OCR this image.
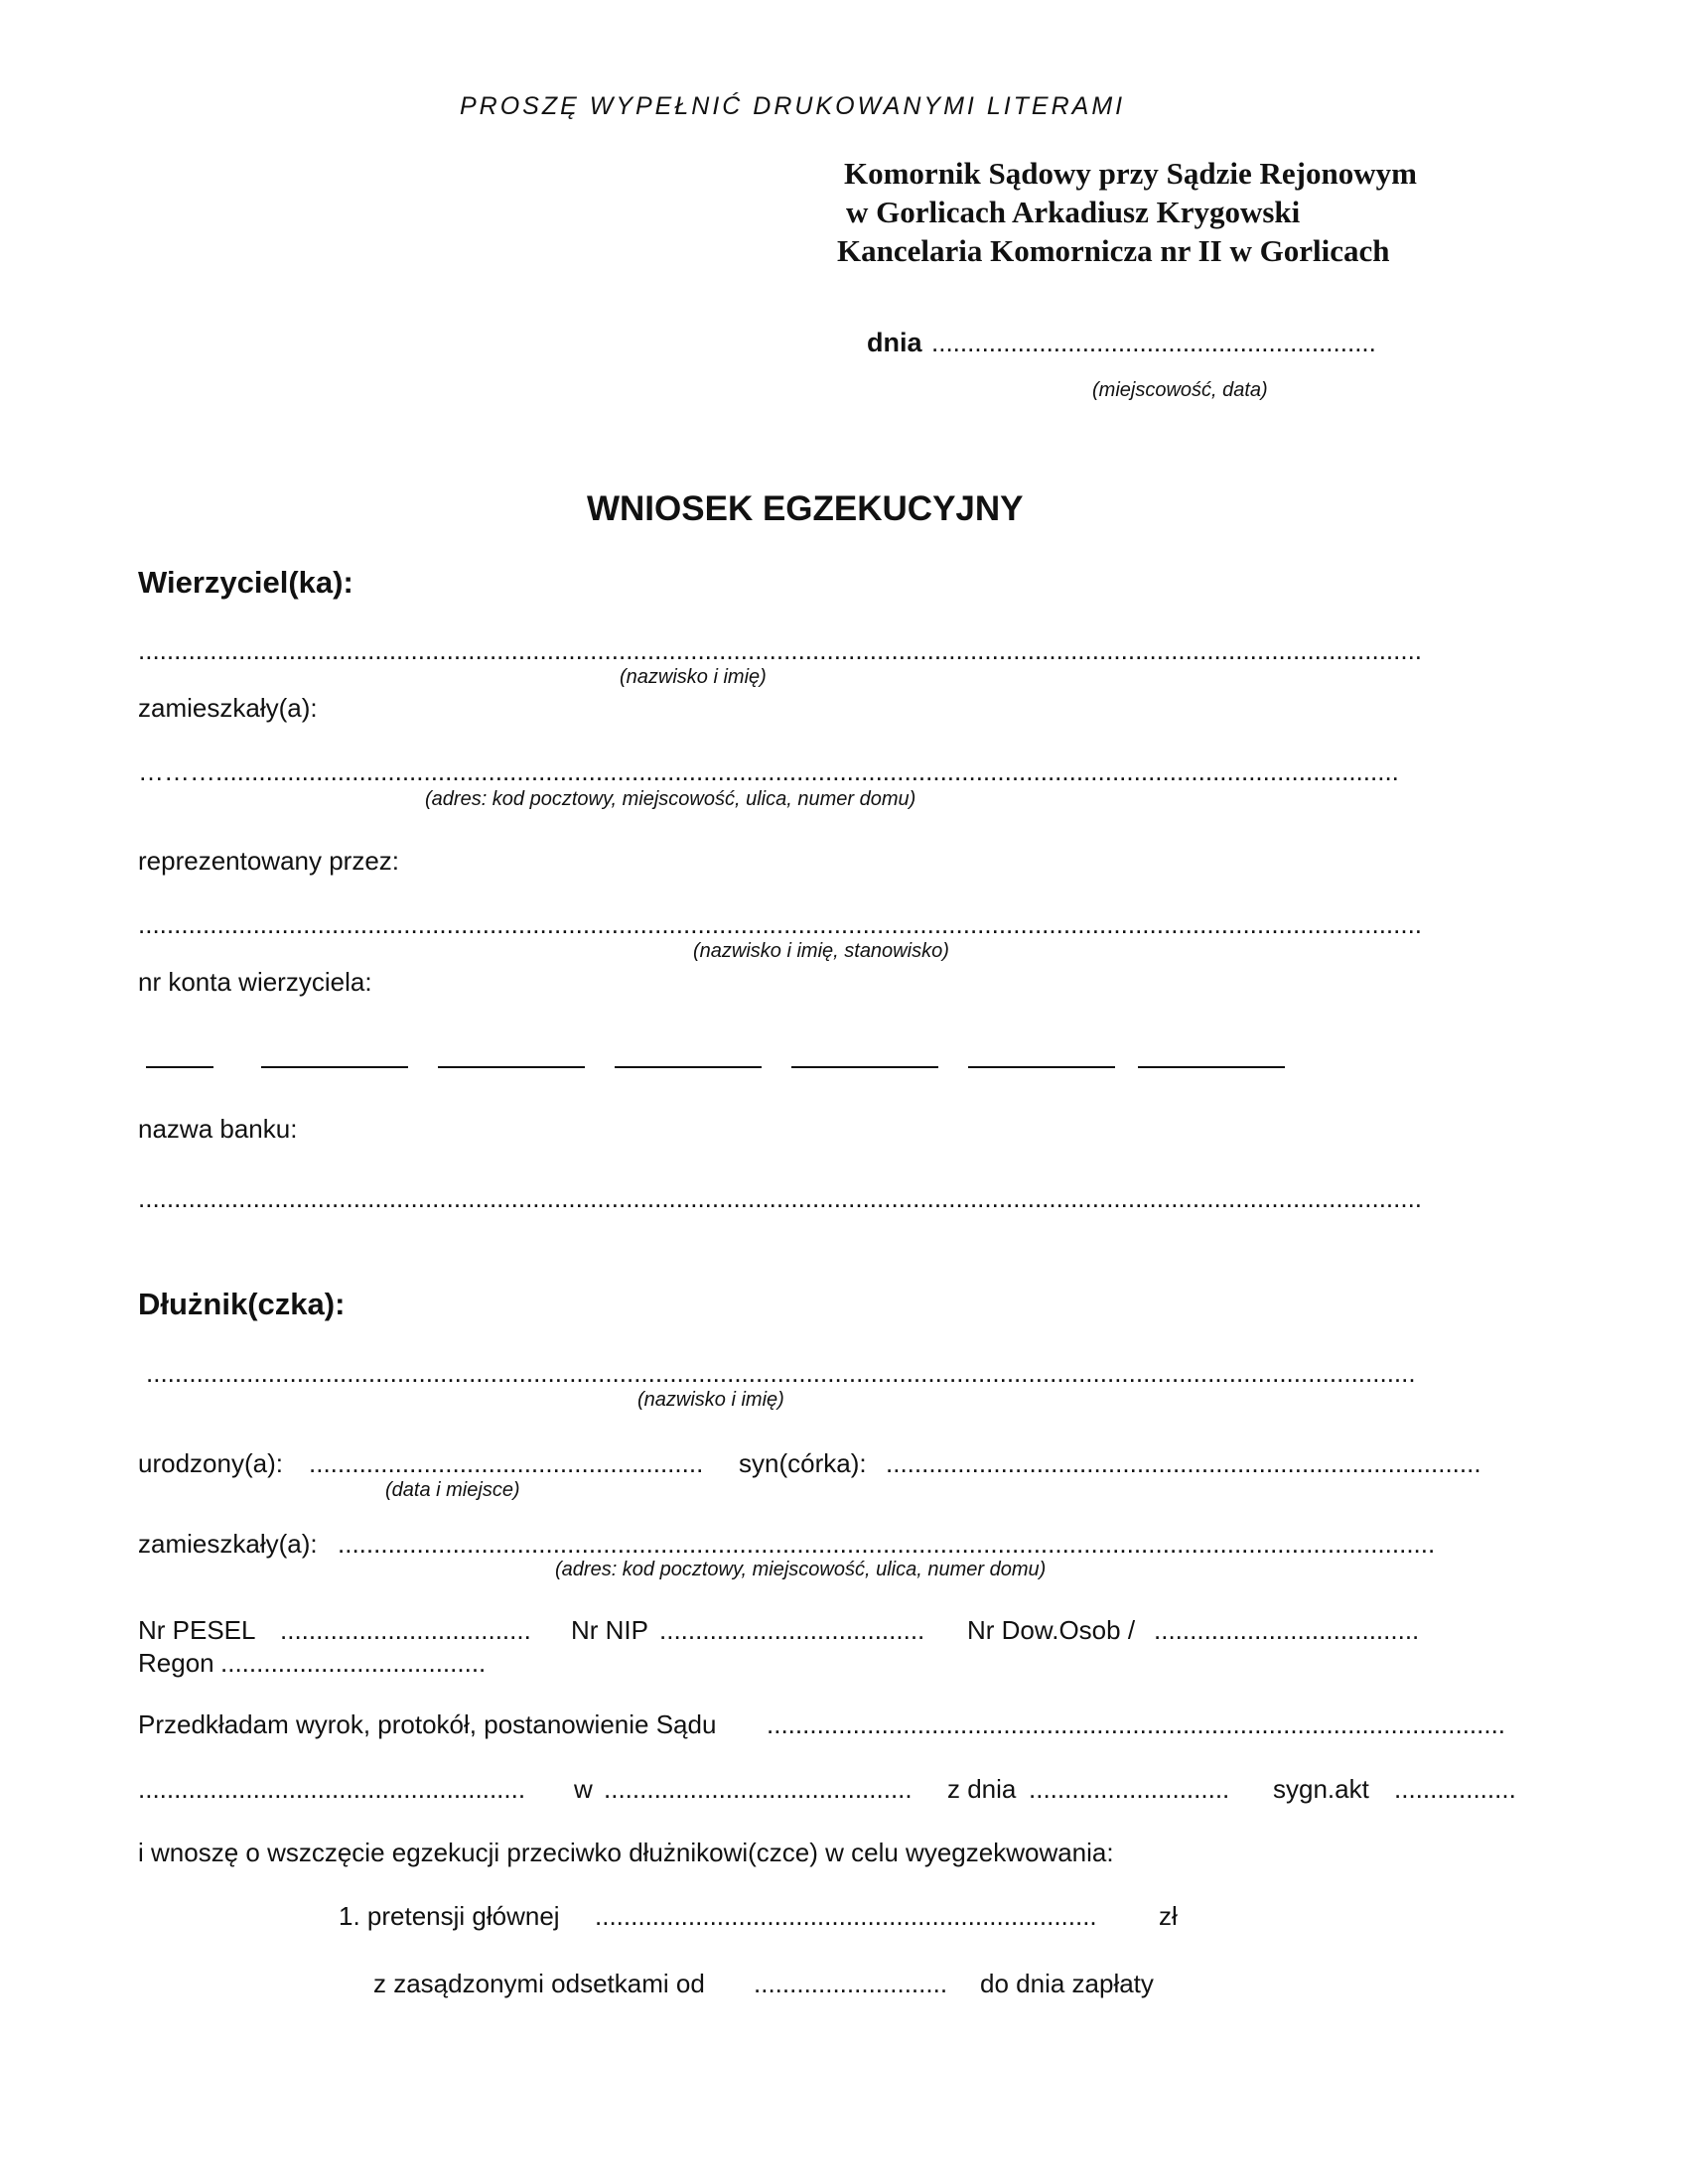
PROSZĘ WYPEŁNIĆ DRUKOWANYMI LITERAMI
Komornik Sądowy przy Sądzie Rejonowym
w Gorlicach Arkadiusz Krygowski
Kancelaria Komornicza nr II w Gorlicach
dnia ..............................................................
(miejscowość, data)
WNIOSEK EGZEKUCYJNY
Wierzyciel(ka):
...................................................................................................................................................................................
(nazwisko i imię)
zamieszkały(a):
……….....................................................................................................................................................................
(adres: kod pocztowy, miejscowość, ulica, numer domu)
reprezentowany przez:
...................................................................................................................................................................................
(nazwisko i imię, stanowisko)
nr konta wierzyciela:
nazwa banku:
...................................................................................................................................................................................
Dłużnik(czka):
.................................................................................................................................................................................
(nazwisko i imię)
urodzony(a): .......................................................	syn(córka): ...................................................................................
(data i miejsce)
zamieszkały(a): .........................................................................................................................................................
(adres: kod pocztowy, miejscowość, ulica, numer domu)
Nr PESEL ...................................	Nr NIP .....................................	Nr Dow.Osob / .....................................
Regon .....................................
Przedkładam wyrok, protokół, postanowienie Sądu .......................................................................................................
......................................................	w ...........................................	z dnia ............................	sygn.akt .................
i wnoszę o wszczęcie egzekucji przeciwko dłużnikowi(czce) w celu wyegzekwowania:
1. pretensji głównej ......................................................................	zł
z zasądzonymi odsetkami od ...........................	do dnia zapłaty
